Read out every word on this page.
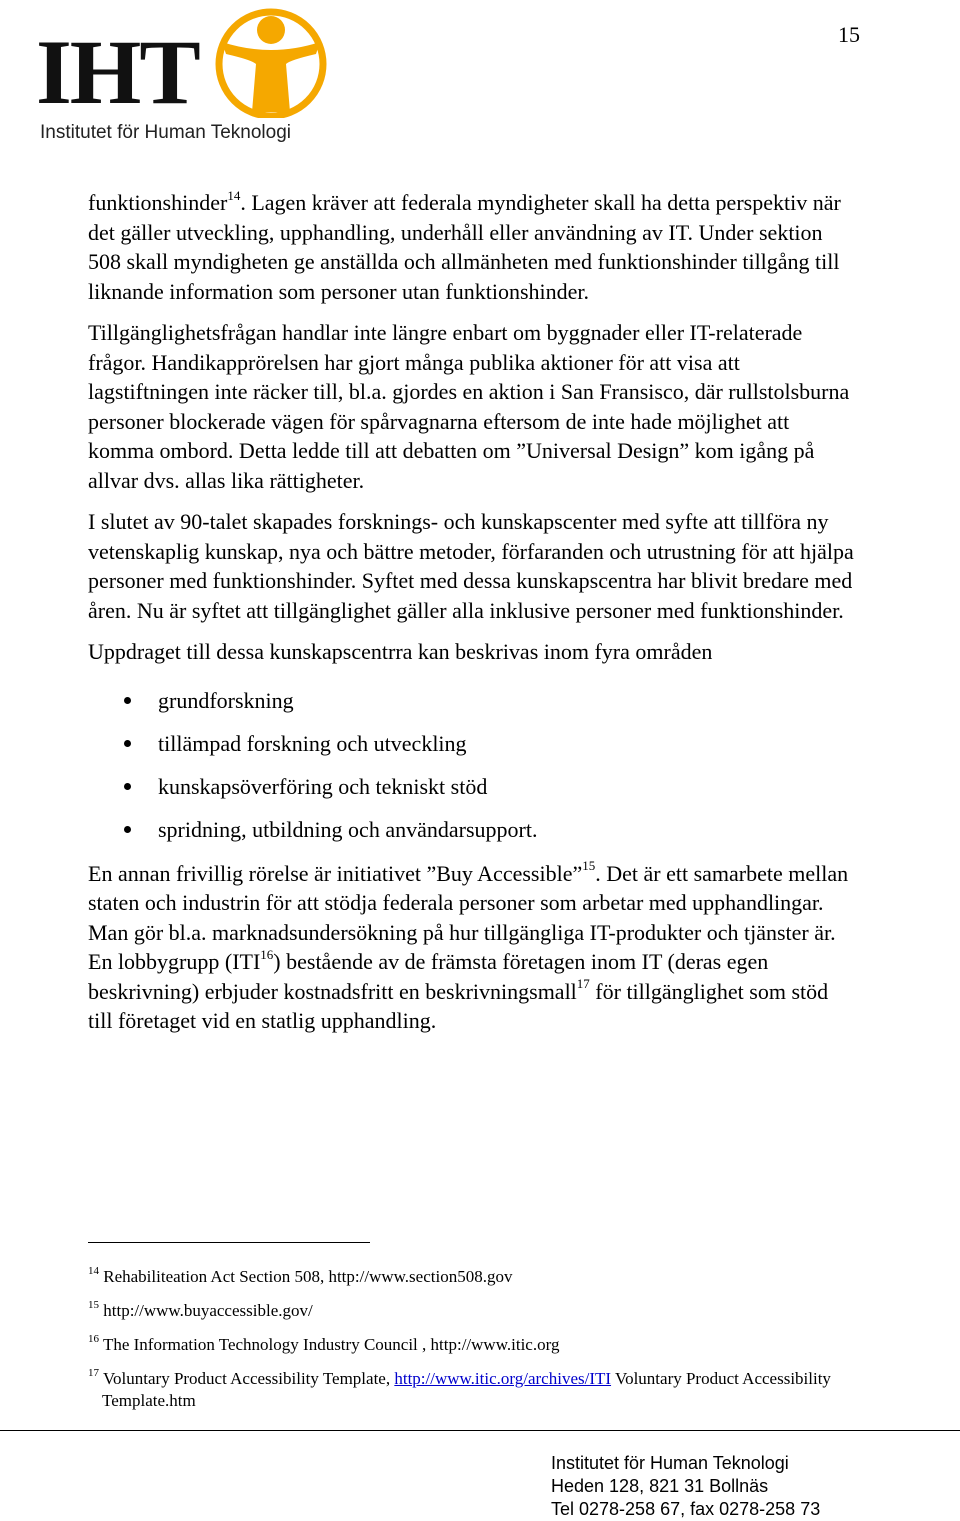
15
IHT
Institutet för Human Teknologi

funktionshinder$^{14}$. Lagen kräver att federala myndigheter skall ha detta perspektiv när det gäller utveckling, upphandling, underhåll eller användning av IT. Under sektion 508 skall myndigheten ge anställda och allmänheten med funktionshinder tillgång till liknande information som personer utan funktionshinder.

Tillgänglighetsfrågan handlar inte längre enbart om byggnader eller IT-relaterade frågor. Handikapprörelsen har gjort många publika aktioner för att visa att lagstiftningen inte räcker till, bl.a. gjordes en aktion i San Fransisco, där rullstolsburna personer blockerade vägen för spårvagnarna eftersom de inte hade möjlighet att komma ombord. Detta ledde till att debatten om ”Universal Design” kom igång på allvar dvs. allas lika rättigheter.

I slutet av 90-talet skapades forsknings- och kunskapscenter med syfte att tillföra ny vetenskaplig kunskap, nya och bättre metoder, förfaranden och utrustning för att hjälpa personer med funktionshinder. Syftet med dessa kunskapscentra har blivit bredare med åren. Nu är syftet att tillgänglighet gäller alla inklusive personer med funktionshinder.

Uppdraget till dessa kunskapscentrra kan beskrivas inom fyra områden

grundforskning
tillämpad forskning och utveckling
kunskapsöverföring och tekniskt stöd
spridning, utbildning och användarsupport.

En annan frivillig rörelse är initiativet ”Buy Accessible”$^{15}$. Det är ett samarbete mellan staten och industrin för att stödja federala personer som arbetar med upphandlingar. Man gör bl.a. marknadsundersökning på hur tillgängliga IT-produkter och tjänster är. En lobbygrupp (ITI$^{16}$) bestående av de främsta företagen inom IT (deras egen beskrivning) erbjuder kostnadsfritt en beskrivningsmall$^{17}$ för tillgänglighet som stöd till företaget vid en statlig upphandling.

$^{14}$ Rehabiliteation Act Section 508, http://www.section508.gov
$^{15}$ http://www.buyaccessible.gov/
$^{16}$ The Information Technology Industry Council , http://www.itic.org
$^{17}$ Voluntary Product Accessibility Template, http://www.itic.org/archives/ITI Voluntary Product Accessibility Template.htm
Institutet för Human Teknologi
Heden 128, 821 31 Bollnäs
Tel 0278-258 67, fax 0278-258 73
